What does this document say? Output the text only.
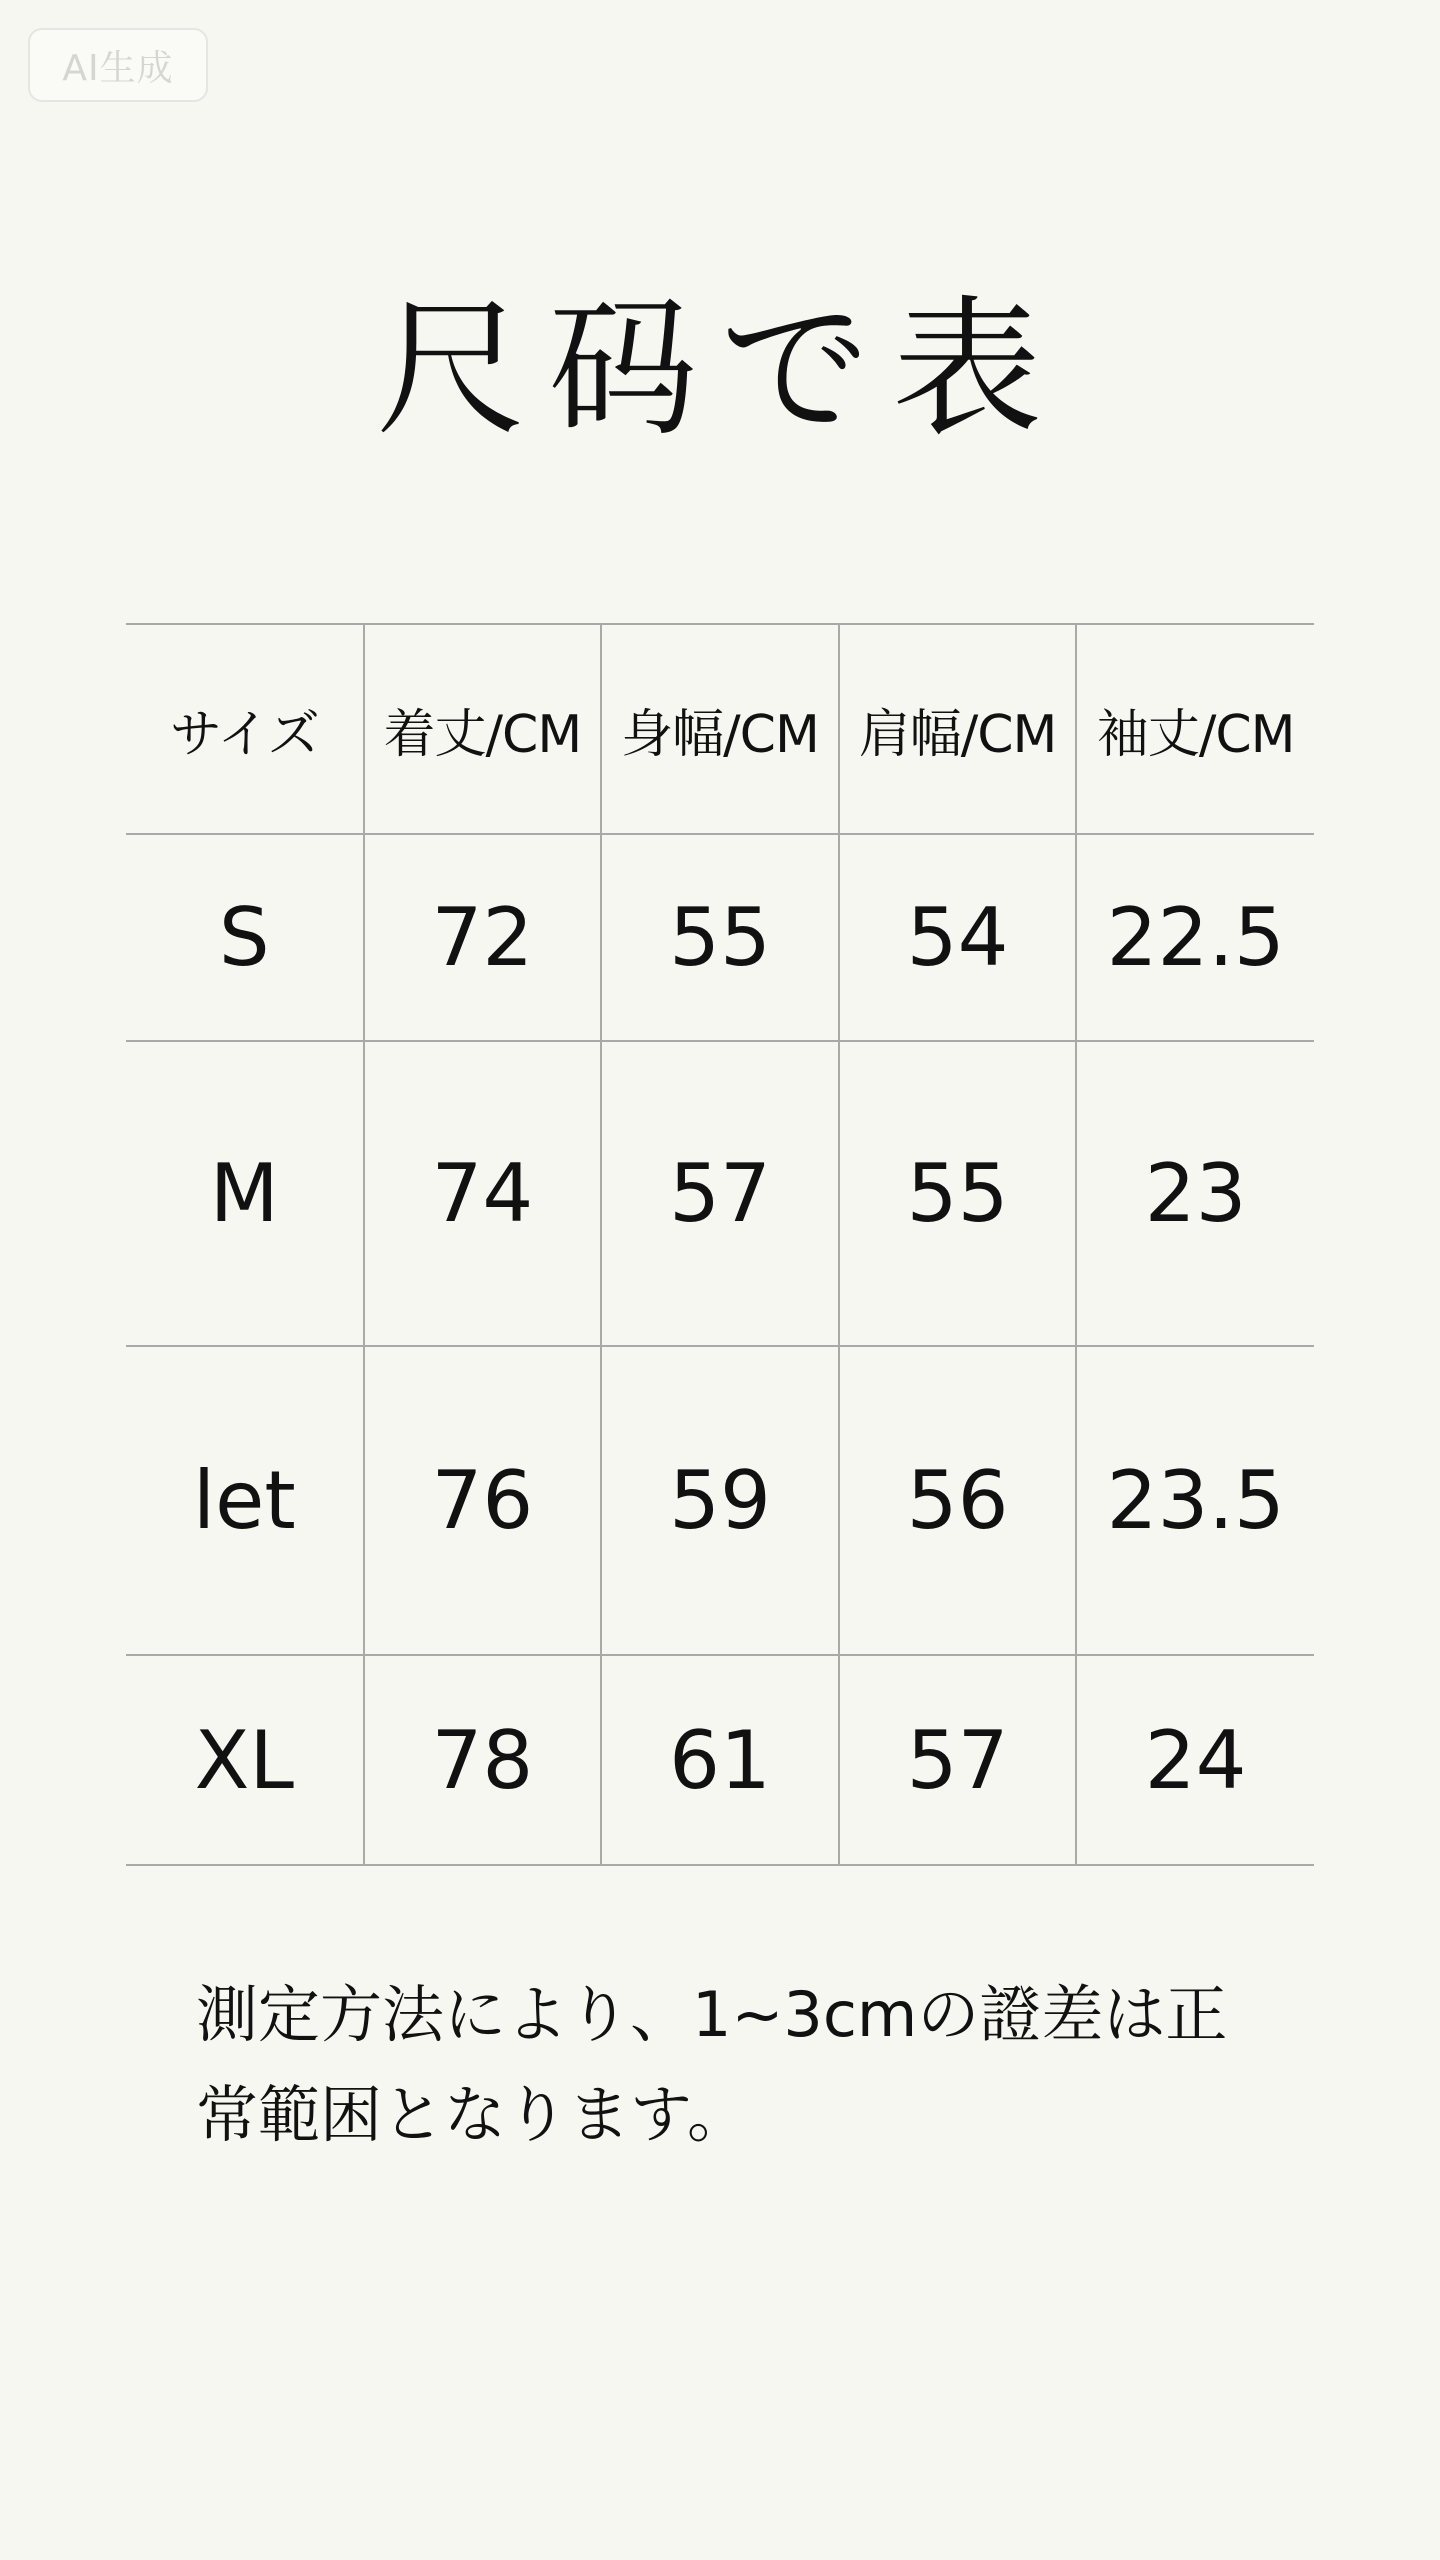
AI生成
尺码で表
サイズ	着丈/CM	身幅/CM	肩幅/CM	袖丈/CM
S	72	55	54	22.5
M	74	57	55	23
let	76	59	56	23.5
XL	78	61	57	24
測定方法により、1~3cmの證差は正
常範困となります。
